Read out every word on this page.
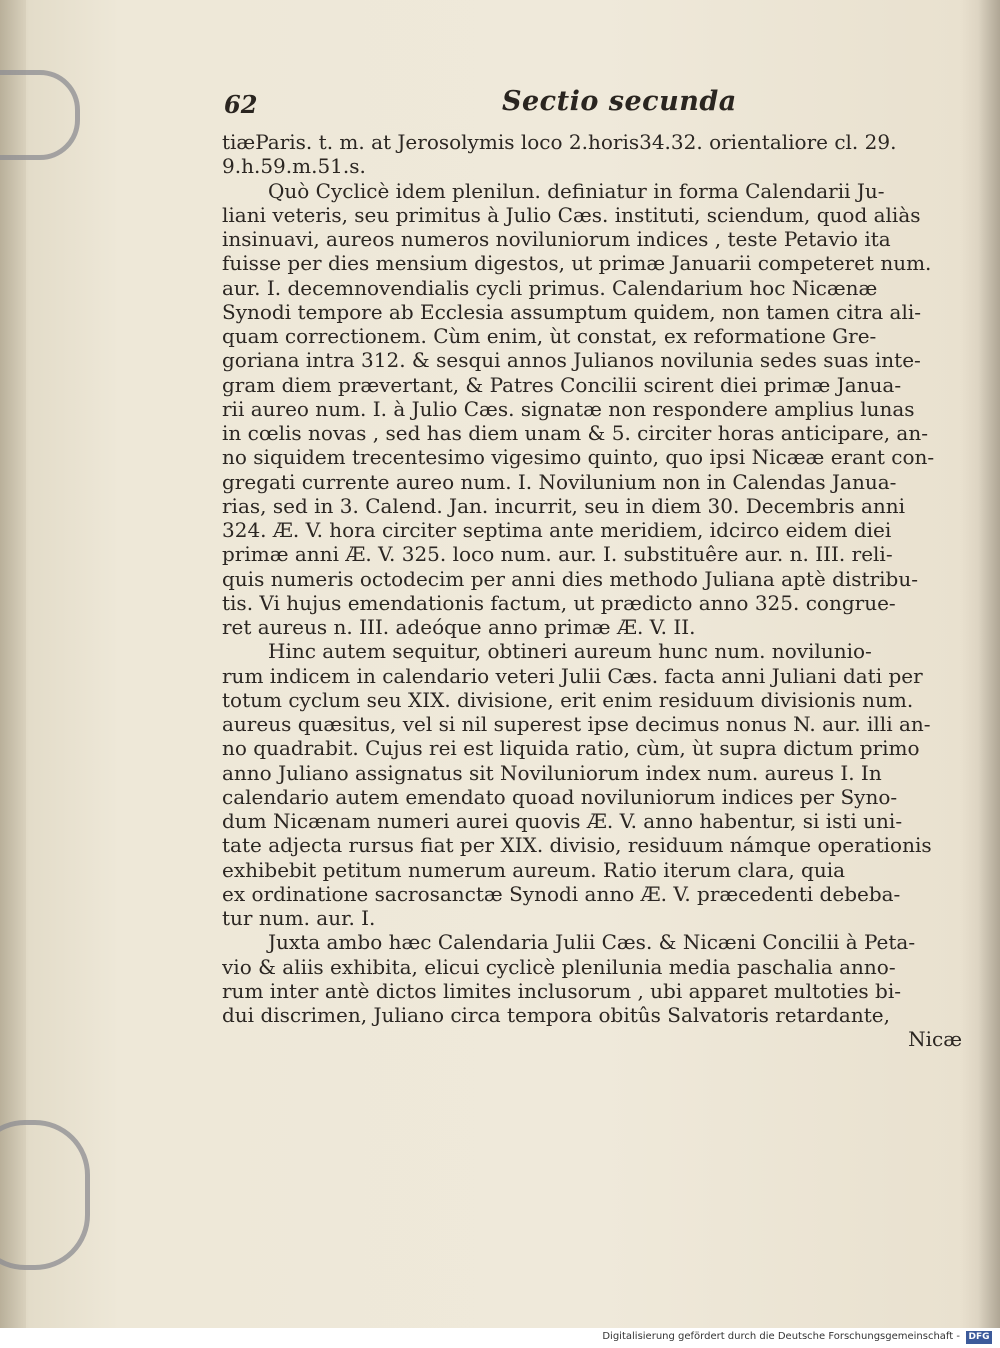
62	Sectio secunda
tiæParis. t. m. at Jerosolymis loco 2.horis34.32. orientaliore cl. 29.
9.h.59.m.51.s.
Quò Cyclicè idem plenilun. definiatur in forma Calendarii Ju-
liani veteris, seu primitus à Julio Cæs. instituti, sciendum, quod aliàs
insinuavi, aureos numeros noviluniorum indices , teste Petavio ita
fuisse per dies mensium digestos, ut primæ Januarii competeret num.
aur. I. decemnovendialis cycli primus. Calendarium hoc Nicænæ
Synodi tempore ab Ecclesia assumptum quidem, non tamen citra ali-
quam correctionem. Cùm enim, ùt constat, ex reformatione Gre-
goriana intra 312. & sesqui annos Julianos novilunia sedes suas inte-
gram diem prævertant, & Patres Concilii scirent diei primæ Janua-
rii aureo num. I. à Julio Cæs. signatæ non respondere amplius lunas
in cœlis novas , sed has diem unam & 5. circiter horas anticipare, an-
no siquidem trecentesimo vigesimo quinto, quo ipsi Nicææ erant con-
gregati currente aureo num. I. Novilunium non in Calendas Janua-
rias, sed in 3. Calend. Jan. incurrit, seu in diem 30. Decembris anni
324. Æ. V. hora circiter septima ante meridiem, idcirco eidem diei
primæ anni Æ. V. 325. loco num. aur. I. substituêre aur. n. III. reli-
quis numeris octodecim per anni dies methodo Juliana aptè distribu-
tis. Vi hujus emendationis factum, ut prædicto anno 325. congrue-
ret aureus n. III. adeóque anno primæ Æ. V. II.
Hinc autem sequitur, obtineri aureum hunc num. novilunio-
rum indicem in calendario veteri Julii Cæs. facta anni Juliani dati per
totum cyclum seu XIX. divisione, erit enim residuum divisionis num.
aureus quæsitus, vel si nil superest ipse decimus nonus N. aur. illi an-
no quadrabit. Cujus rei est liquida ratio, cùm, ùt supra dictum primo
anno Juliano assignatus sit Noviluniorum index num. aureus I. In
calendario autem emendato quoad noviluniorum indices per Syno-
dum Nicænam numeri aurei quovis Æ. V. anno habentur, si isti uni-
tate adjecta rursus fiat per XIX. divisio, residuum námque operationis
exhibebit petitum numerum aureum. Ratio iterum clara, quia
ex ordinatione sacrosanctæ Synodi anno Æ. V. præcedenti debeba-
tur num. aur. I.
Juxta ambo hæc Calendaria Julii Cæs. & Nicæni Concilii à Peta-
vio & aliis exhibita, elicui cyclicè plenilunia media paschalia anno-
rum inter antè dictos limites inclusorum , ubi apparet multoties bi-
dui discrimen, Juliano circa tempora obitûs Salvatoris retardante,
Nicæ
Digitalisierung gefördert durch die Deutsche Forschungsgemeinschaft - DFG
